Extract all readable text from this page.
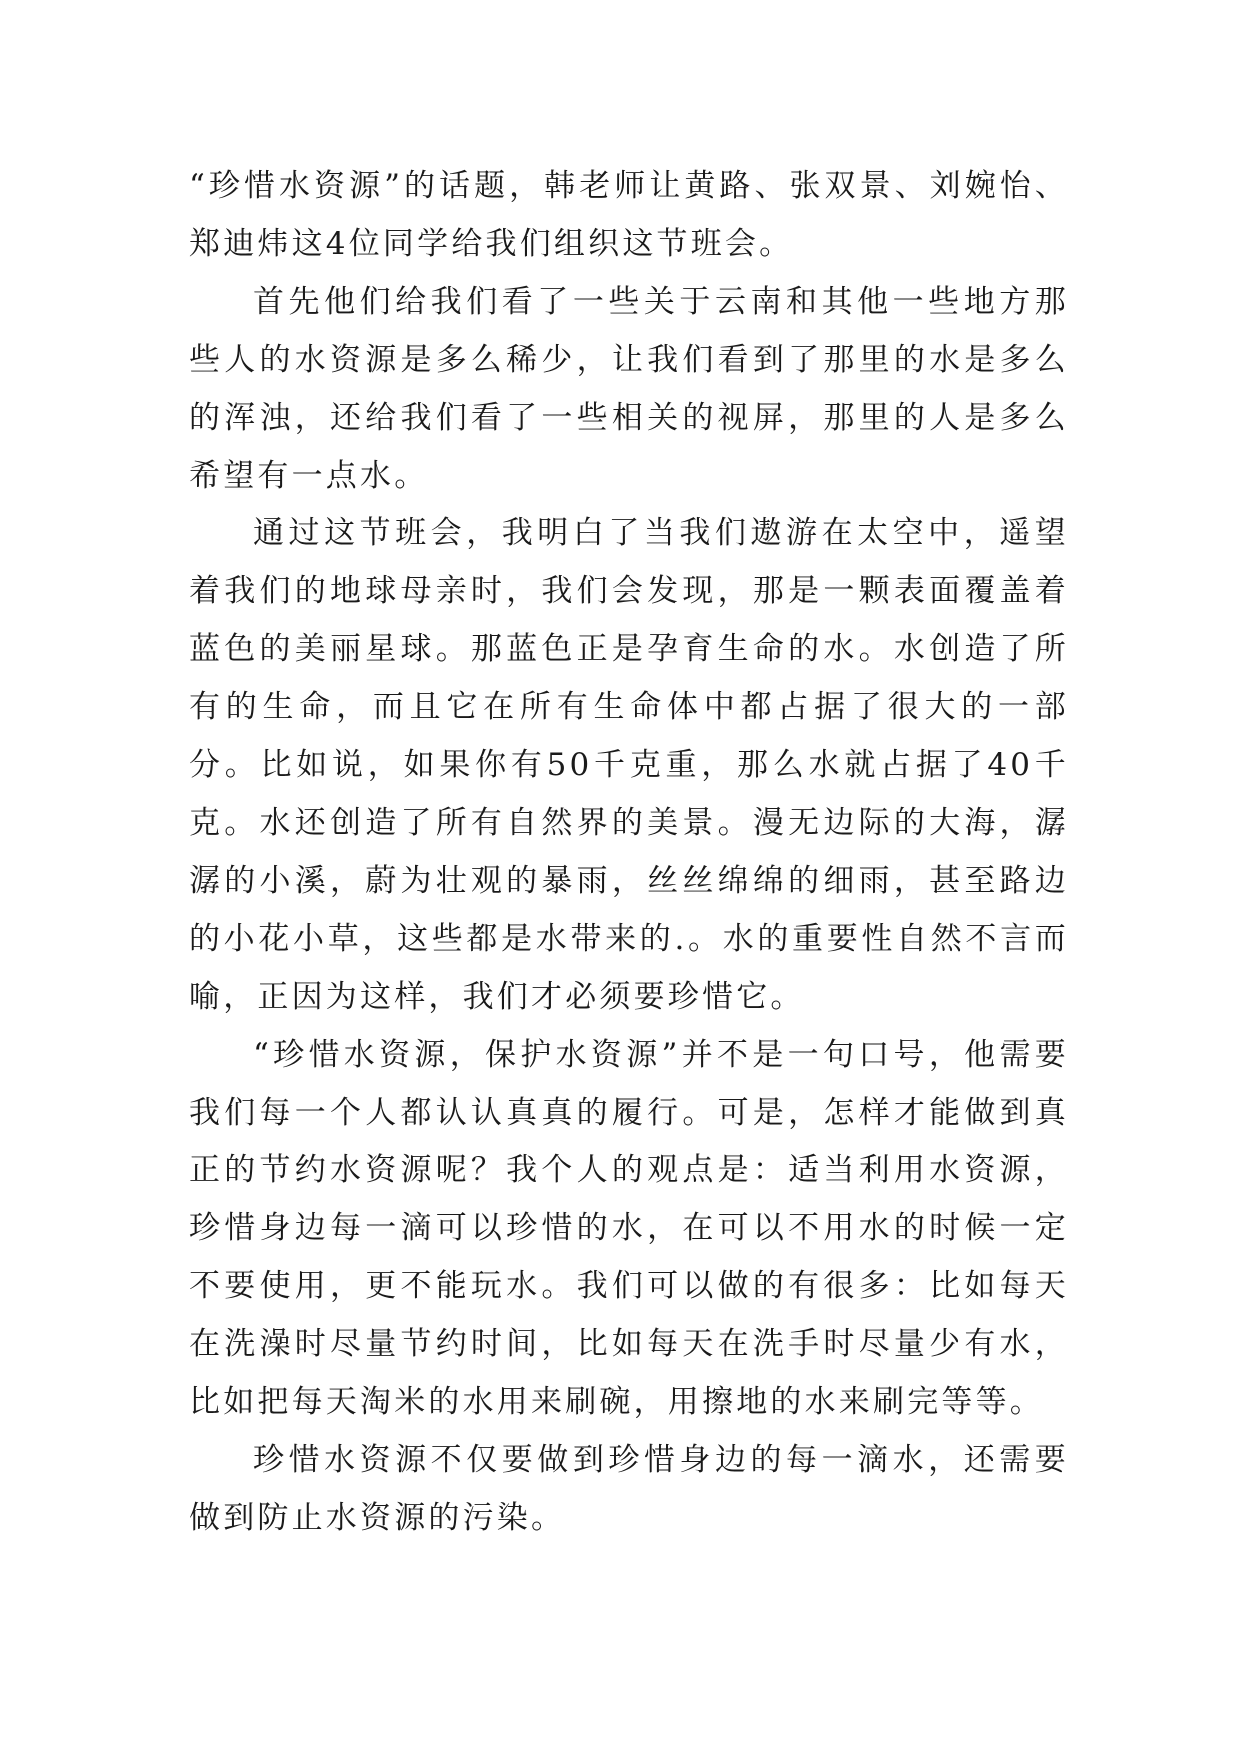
“珍惜水资源”的话题，韩老师让黄路、张双景、刘婉怡、郑迪炜这4位同学给我们组织这节班会。

首先他们给我们看了一些关于云南和其他一些地方那些人的水资源是多么稀少，让我们看到了那里的水是多么的浑浊，还给我们看了一些相关的视屏，那里的人是多么希望有一点水。

通过这节班会，我明白了当我们遨游在太空中，遥望着我们的地球母亲时，我们会发现，那是一颗表面覆盖着蓝色的美丽星球。那蓝色正是孕育生命的水。水创造了所有的生命，而且它在所有生命体中都占据了很大的一部分。比如说，如果你有50千克重，那么水就占据了40千克。水还创造了所有自然界的美景。漫无边际的大海，潺潺的小溪，蔚为壮观的暴雨，丝丝绵绵的细雨，甚至路边的小花小草，这些都是水带来的.。水的重要性自然不言而喻，正因为这样，我们才必须要珍惜它。

“珍惜水资源，保护水资源”并不是一句口号，他需要我们每一个人都认认真真的履行。可是，怎样才能做到真正的节约水资源呢？我个人的观点是：适当利用水资源，珍惜身边每一滴可以珍惜的水，在可以不用水的时候一定不要使用，更不能玩水。我们可以做的有很多：比如每天在洗澡时尽量节约时间，比如每天在洗手时尽量少有水，比如把每天淘米的水用来刷碗，用擦地的水来刷完等等。

珍惜水资源不仅要做到珍惜身边的每一滴水，还需要做到防止水资源的污染。
